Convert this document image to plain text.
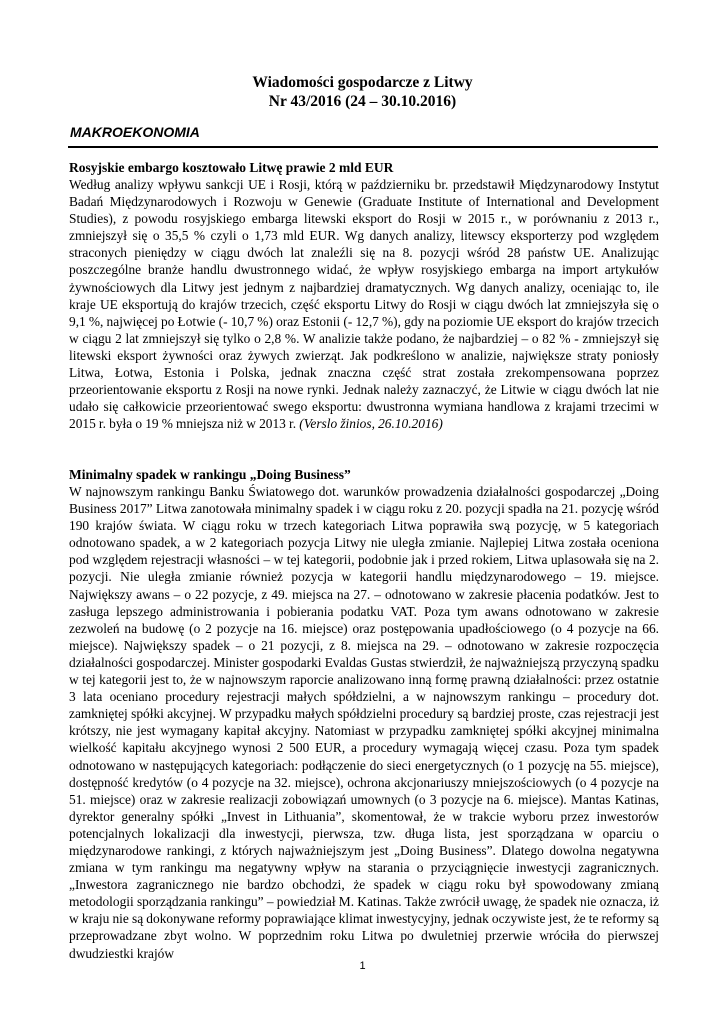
Wiadomości gospodarcze z Litwy
Nr 43/2016 (24 – 30.10.2016)
MAKROEKONOMIA
Rosyjskie embargo kosztowało Litwę prawie 2 mld EUR
Według analizy wpływu sankcji UE i Rosji, którą w październiku br. przedstawił Międzynarodowy Instytut Badań Międzynarodowych i Rozwoju w Genewie (Graduate Institute of International and Development Studies), z powodu rosyjskiego embarga litewski eksport do Rosji w 2015 r., w porównaniu z 2013 r., zmniejszył się o 35,5 % czyli o 1,73 mld EUR. Wg danych analizy, litewscy eksporterzy pod względem straconych pieniędzy w ciągu dwóch lat znaleźli się na 8. pozycji wśród 28 państw UE. Analizując poszczególne branże handlu dwustronnego widać, że wpływ rosyjskiego embarga na import artykułów żywnościowych dla Litwy jest jednym z najbardziej dramatycznych. Wg danych analizy, oceniając to, ile kraje UE eksportują do krajów trzecich, część eksportu Litwy do Rosji w ciągu dwóch lat zmniejszyła się o 9,1 %, najwięcej po Łotwie (- 10,7 %) oraz Estonii (- 12,7 %), gdy na poziomie UE eksport do krajów trzecich w ciągu 2 lat zmniejszył się tylko o 2,8 %. W analizie także podano, że najbardziej – o 82 % - zmniejszył się litewski eksport żywności oraz żywych zwierząt. Jak podkreślono w analizie, największe straty poniosły Litwa, Łotwa, Estonia i Polska, jednak znaczna część strat została zrekompensowana poprzez przeorientowanie eksportu z Rosji na nowe rynki. Jednak należy zaznaczyć, że Litwie w ciągu dwóch lat nie udało się całkowicie przeorientować swego eksportu: dwustronna wymiana handlowa z krajami trzecimi w 2015 r. była o 19 % mniejsza niż w 2013 r. (Verslo žinios, 26.10.2016)
Minimalny spadek w rankingu „Doing Business”
W najnowszym rankingu Banku Światowego dot. warunków prowadzenia działalności gospodarczej „Doing Business 2017” Litwa zanotowała minimalny spadek i w ciągu roku z 20. pozycji spadła na 21. pozycję wśród 190 krajów świata. W ciągu roku w trzech kategoriach Litwa poprawiła swą pozycję, w 5 kategoriach odnotowano spadek, a w 2 kategoriach pozycja Litwy nie uległa zmianie. Najlepiej Litwa została oceniona pod względem rejestracji własności – w tej kategorii, podobnie jak i przed rokiem, Litwa uplasowała się na 2. pozycji. Nie uległa zmianie również pozycja w kategorii handlu międzynarodowego – 19. miejsce. Największy awans – o 22 pozycje, z 49. miejsca na 27. – odnotowano w zakresie płacenia podatków. Jest to zasługa lepszego administrowania i pobierania podatku VAT. Poza tym awans odnotowano w zakresie zezwoleń na budowę (o 2 pozycje na 16. miejsce) oraz postępowania upadłościowego (o 4 pozycje na 66. miejsce). Największy spadek – o 21 pozycji, z 8. miejsca na 29. – odnotowano w zakresie rozpoczęcia działalności gospodarczej. Minister gospodarki Evaldas Gustas stwierdził, że najważniejszą przyczyną spadku w tej kategorii jest to, że w najnowszym raporcie analizowano inną formę prawną działalności: przez ostatnie 3 lata oceniano procedury rejestracji małych spółdzielni, a w najnowszym rankingu – procedury dot. zamkniętej spółki akcyjnej. W przypadku małych spółdzielni procedury są bardziej proste, czas rejestracji jest krótszy, nie jest wymagany kapitał akcyjny. Natomiast w przypadku zamkniętej spółki akcyjnej minimalna wielkość kapitału akcyjnego wynosi 2 500 EUR, a procedury wymagają więcej czasu. Poza tym spadek odnotowano w następujących kategoriach: podłączenie do sieci energetycznych (o 1 pozycję na 55. miejsce), dostępność kredytów (o 4 pozycje na 32. miejsce), ochrona akcjonariuszy mniejszościowych (o 4 pozycje na 51. miejsce) oraz w zakresie realizacji zobowiązań umownych (o 3 pozycje na 6. miejsce). Mantas Katinas, dyrektor generalny spółki „Invest in Lithuania”, skomentował, że w trakcie wyboru przez inwestorów potencjalnych lokalizacji dla inwestycji, pierwsza, tzw. długa lista, jest sporządzana w oparciu o międzynarodowe rankingi, z których najważniejszym jest „Doing Business”. Dlatego dowolna negatywna zmiana w tym rankingu ma negatywny wpływ na starania o przyciągnięcie inwestycji zagranicznych. „Inwestora zagranicznego nie bardzo obchodzi, że spadek w ciągu roku był spowodowany zmianą metodologii sporządzania rankingu” – powiedział M. Katinas. Także zwrócił uwagę, że spadek nie oznacza, iż w kraju nie są dokonywane reformy poprawiające klimat inwestycyjny, jednak oczywiste jest, że te reformy są przeprowadzane zbyt wolno. W poprzednim roku Litwa po dwuletniej przerwie wróciła do pierwszej dwudziestki krajów
1
